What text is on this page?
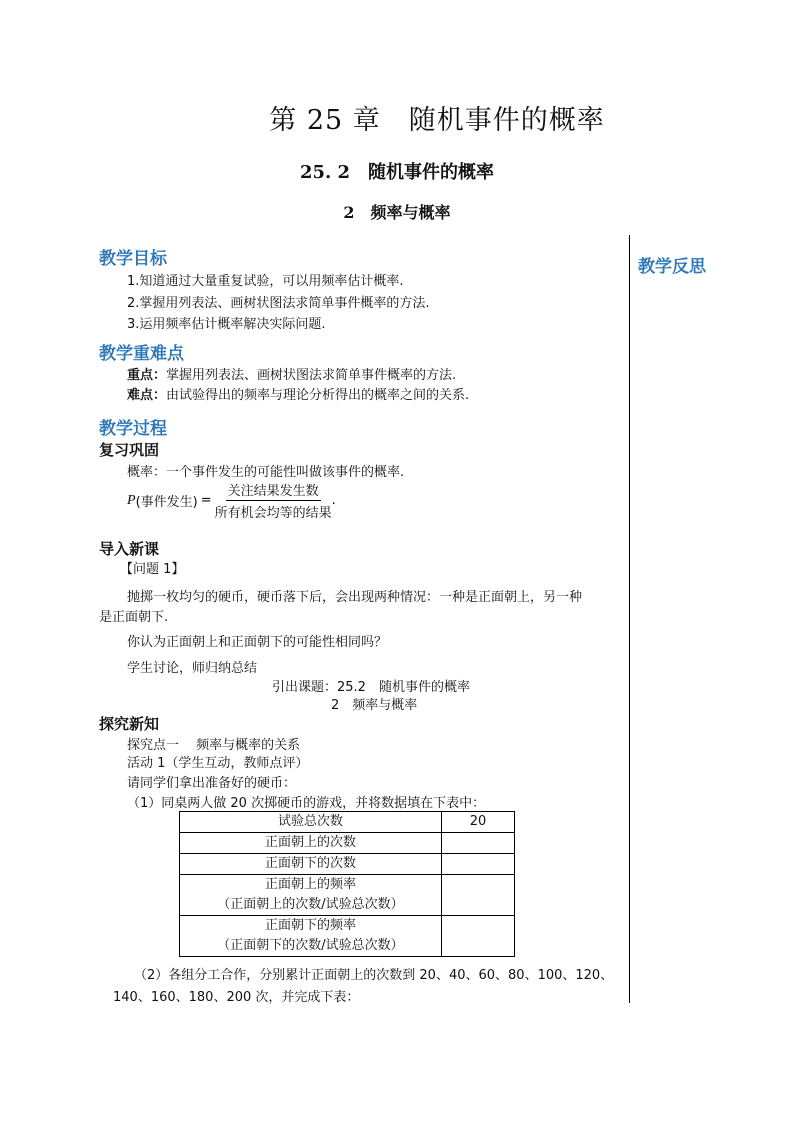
第 25 章　随机事件的概率
25. 2　随机事件的概率
2　频率与概率
教学反思
教学目标
1.知道通过大量重复试验，可以用频率估计概率.
2.掌握用列表法、画树状图法求简单事件概率的方法.
3.运用频率估计概率解决实际问题.
教学重难点
重点：掌握用列表法、画树状图法求简单事件概率的方法.
难点：由试验得出的频率与理论分析得出的概率之间的关系.
教学过程
复习巩固
概率：一个事件发生的可能性叫做该事件的概率.
P (事件发生) = $\frac{\text{关注结果发生数}}{\text{所有机会均等的结果}}$ .
导入新课
【问题 1】
抛掷一枚均匀的硬币，硬币落下后，会出现两种情况：一种是正面朝上，另一种
是正面朝下.
你认为正面朝上和正面朝下的可能性相同吗？
学生讨论，师归纳总结
引出课题：25.2　随机事件的概率
2　频率与概率
探究新知
探究点一　 频率与概率的关系
活动 1（学生互动，教师点评）
请同学们拿出准备好的硬币：
（1）同桌两人做 20 次掷硬币的游戏，并将数据填在下表中：
试验总次数	20
正面朝上的次数	
正面朝下的次数	
正面朝上的频率
（正面朝上的次数/试验总次数）	
正面朝下的频率
（正面朝下的次数/试验总次数）	
（2）各组分工合作，分别累计正面朝上的次数到 20、40、60、80、100、120、
140、160、180、200 次，并完成下表：
